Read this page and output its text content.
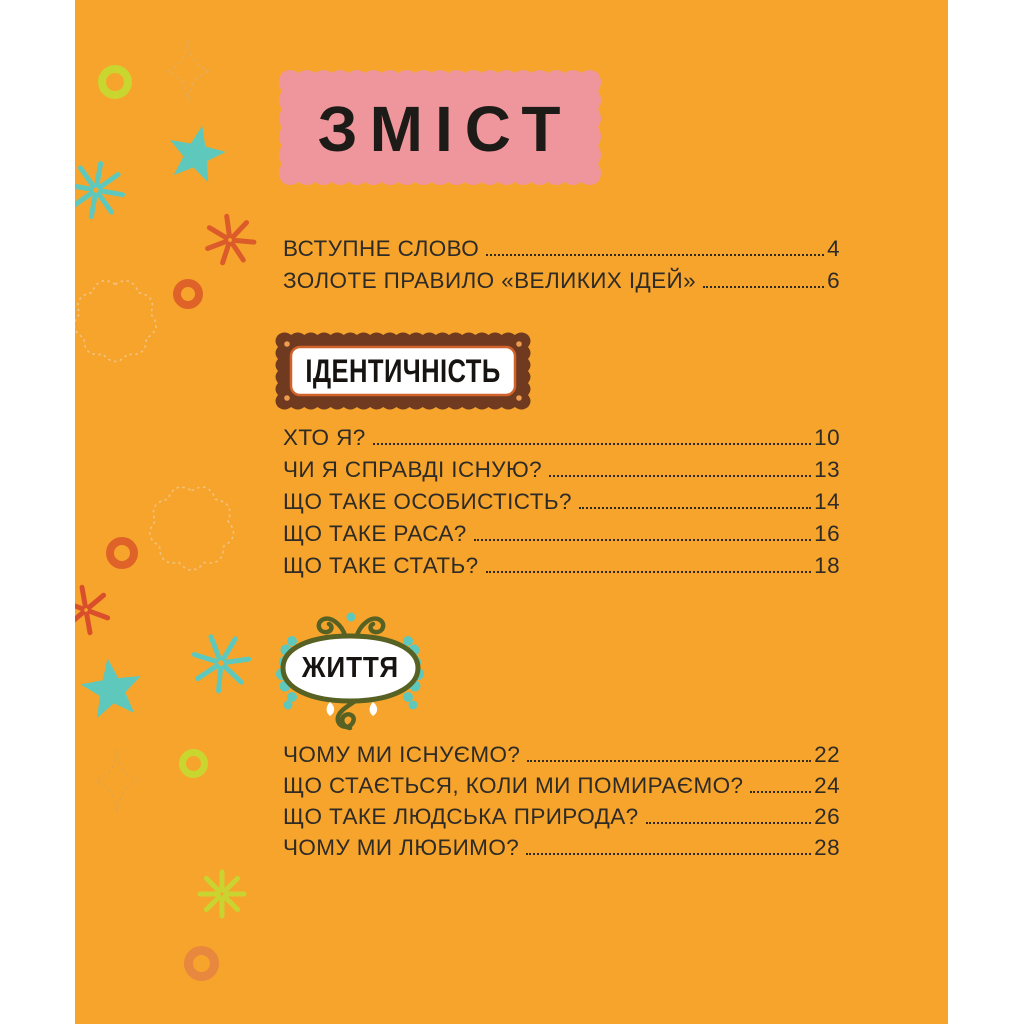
ЗМІСТ
ВСТУПНЕ СЛОВО	4
ЗОЛОТЕ ПРАВИЛО «ВЕЛИКИХ ІДЕЙ»	6
ІДЕНТИЧНІСТЬ
ХТО Я?	10
ЧИ Я СПРАВДІ ІСНУЮ?	13
ЩО ТАКЕ ОСОБИСТІСТЬ?	14
ЩО ТАКЕ РАСА?	16
ЩО ТАКЕ СТАТЬ?	18
ЖИТТЯ
ЧОМУ МИ ІСНУЄМО?	22
ЩО СТАЄТЬСЯ, КОЛИ МИ ПОМИРАЄМО?	24
ЩО ТАКЕ ЛЮДСЬКА ПРИРОДА?	26
ЧОМУ МИ ЛЮБИМО?	28
